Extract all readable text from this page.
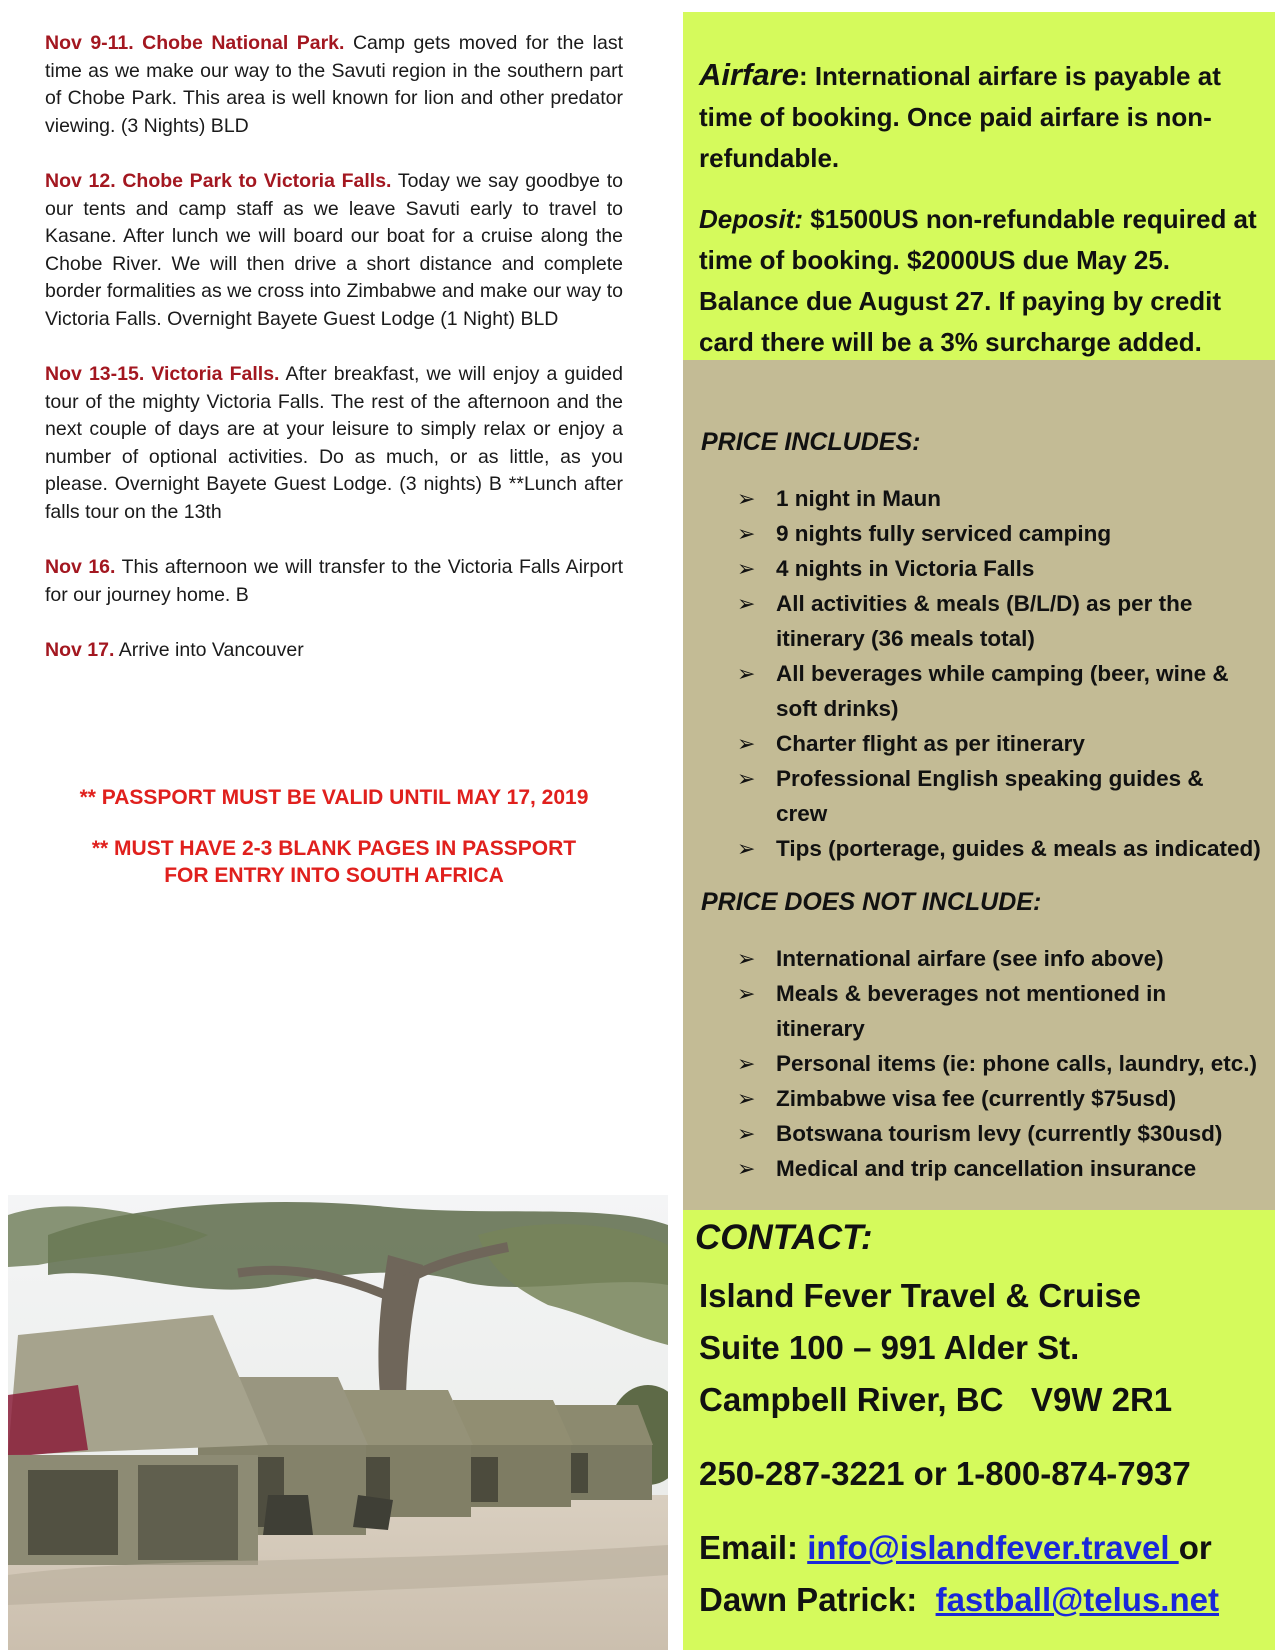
Nov 9-11. Chobe National Park. Camp gets moved for the last time as we make our way to the Savuti region in the southern part of Chobe Park. This area is well known for lion and other predator viewing. (3 Nights) BLD

Nov 12. Chobe Park to Victoria Falls. Today we say goodbye to our tents and camp staff as we leave Savuti early to travel to Kasane. After lunch we will board our boat for a cruise along the Chobe River. We will then drive a short distance and complete border formalities as we cross into Zimbabwe and make our way to Victoria Falls. Overnight Bayete Guest Lodge (1 Night) BLD

Nov 13-15. Victoria Falls. After breakfast, we will enjoy a guided tour of the mighty Victoria Falls. The rest of the afternoon and the next couple of days are at your leisure to simply relax or enjoy a number of optional activities. Do as much, or as little, as you please. Overnight Bayete Guest Lodge. (3 nights) B **Lunch after falls tour on the 13th

Nov 16. This afternoon we will transfer to the Victoria Falls Airport for our journey home. B

Nov 17. Arrive into Vancouver

** PASSPORT MUST BE VALID UNTIL MAY 17, 2019

** MUST HAVE 2-3 BLANK PAGES IN PASSPORT
FOR ENTRY INTO SOUTH AFRICA

Airfare: International airfare is payable at time of booking. Once paid airfare is non-refundable.

Deposit: $1500US non-refundable required at time of booking. $2000US due May 25. Balance due August 27. If paying by credit card there will be a 3% surcharge added.

PRICE INCLUDES:
➢ 1 night in Maun
➢ 9 nights fully serviced camping
➢ 4 nights in Victoria Falls
➢ All activities & meals (B/L/D) as per the itinerary (36 meals total)
➢ All beverages while camping (beer, wine & soft drinks)
➢ Charter flight as per itinerary
➢ Professional English speaking guides & crew
➢ Tips (porterage, guides & meals as indicated)
PRICE DOES NOT INCLUDE:
➢ International airfare (see info above)
➢ Meals & beverages not mentioned in itinerary
➢ Personal items (ie: phone calls, laundry, etc.)
➢ Zimbabwe visa fee (currently $75usd)
➢ Botswana tourism levy (currently $30usd)
➢ Medical and trip cancellation insurance
CONTACT:
Island Fever Travel & Cruise
Suite 100 – 991 Alder St.
Campbell River, BC   V9W 2R1
250-287-3221 or 1-800-874-7937
Email: info@islandfever.travel or
Dawn Patrick:  fastball@telus.net
